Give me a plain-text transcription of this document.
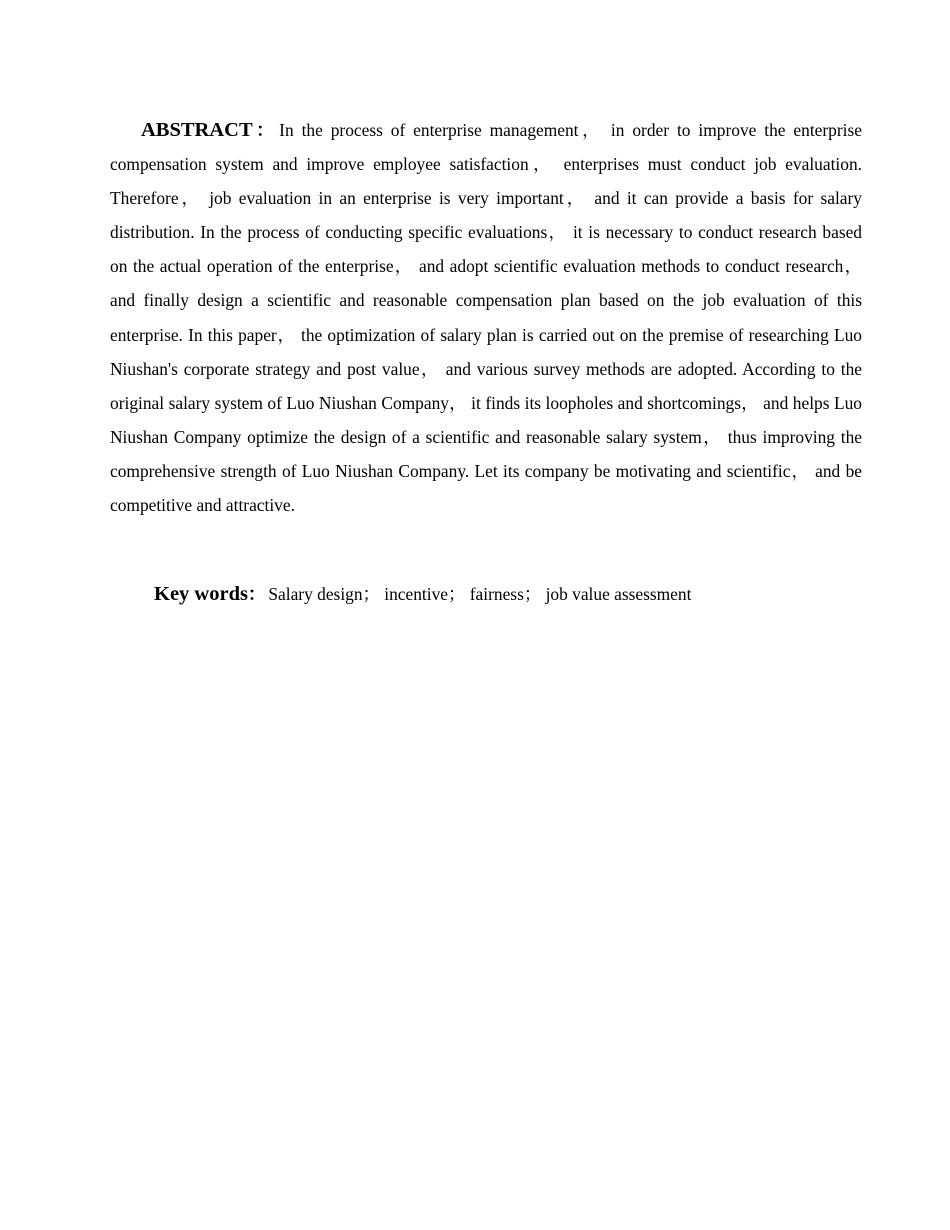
ABSTRACT： In the process of enterprise management， in order to improve the enterprise compensation system and improve employee satisfaction， enterprises must conduct job evaluation. Therefore， job evaluation in an enterprise is very important， and it can provide a basis for salary distribution. In the process of conducting specific evaluations， it is necessary to conduct research based on the actual operation of the enterprise， and adopt scientific evaluation methods to conduct research， and finally design a scientific and reasonable compensation plan based on the job evaluation of this enterprise. In this paper， the optimization of salary plan is carried out on the premise of researching Luo Niushan's corporate strategy and post value， and various survey methods are adopted. According to the original salary system of Luo Niushan Company， it finds its loopholes and shortcomings， and helps Luo Niushan Company optimize the design of a scientific and reasonable salary system， thus improving the comprehensive strength of Luo Niushan Company. Let its company be motivating and scientific， and be competitive and attractive.

Key words： Salary design； incentive； fairness； job value assessment
